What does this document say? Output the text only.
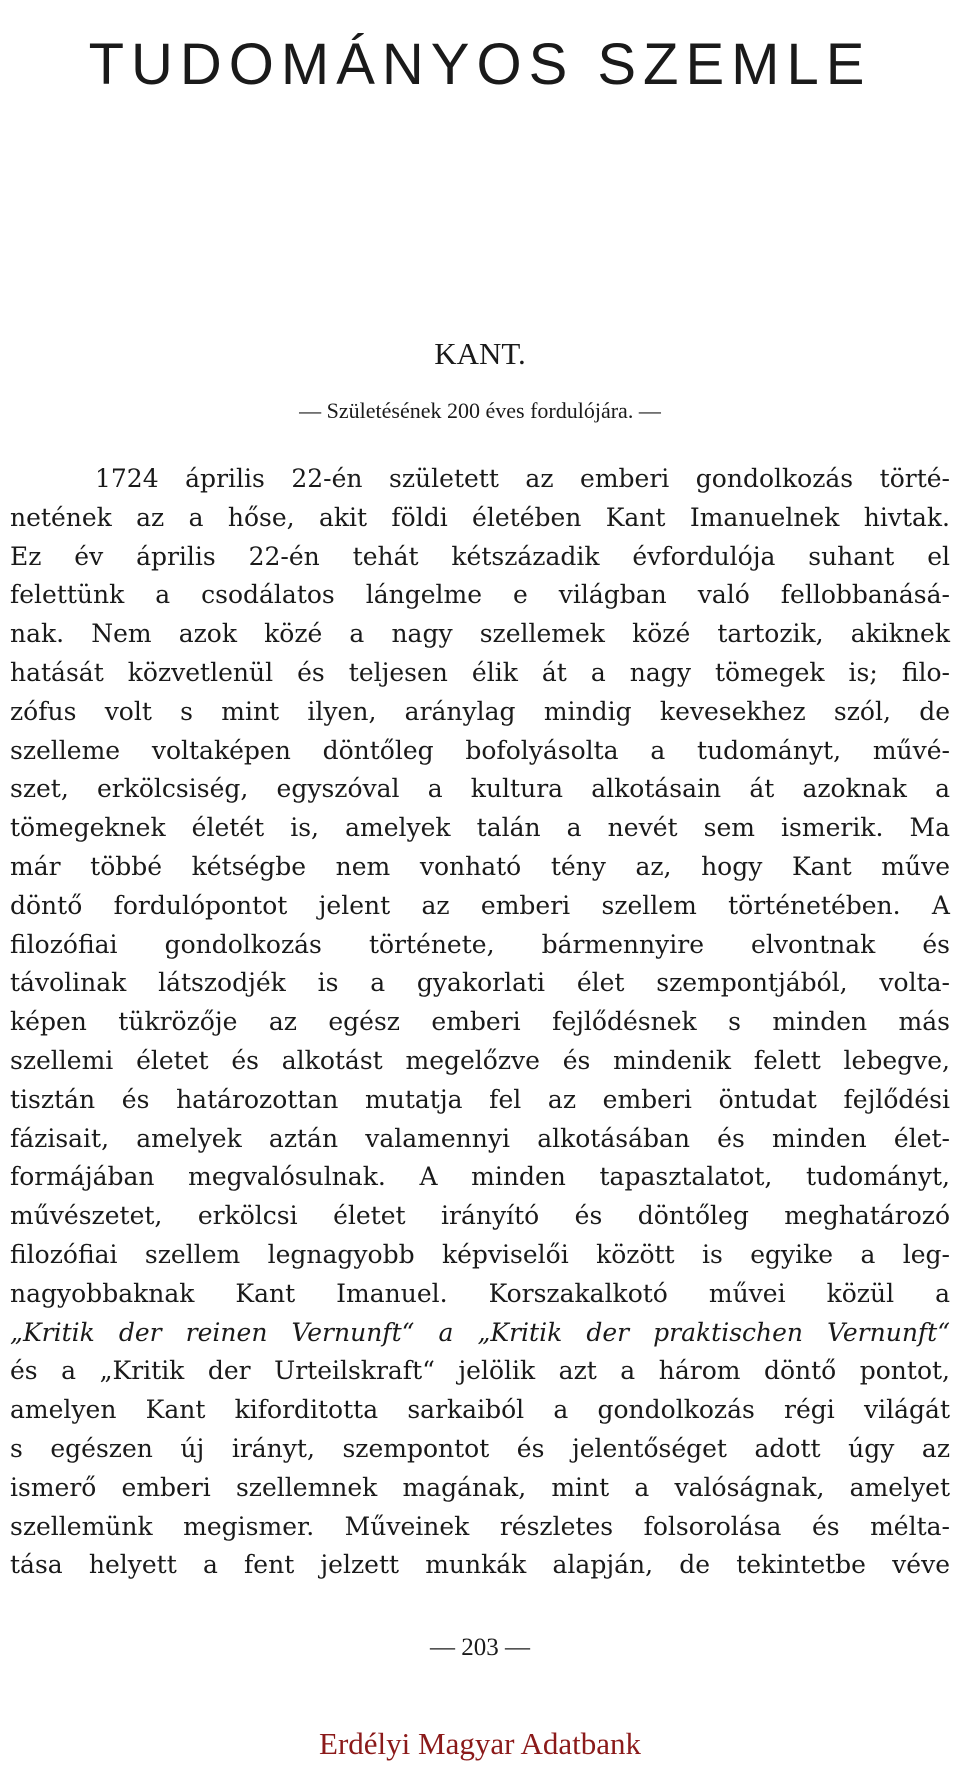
TUDOMÁNYOS SZEMLE
KANT.

— Születésének 200 éves fordulójára. —

1724 április 22-én született az emberi gondolkozás törté-
netének az a hőse, akit földi életében Kant Imanuelnek hivtak.
Ez év április 22-én tehát kétszázadik évfordulója suhant el
felettünk a csodálatos lángelme e világban való fellobbanásá-
nak. Nem azok közé a nagy szellemek közé tartozik, akiknek
hatását közvetlenül és teljesen élik át a nagy tömegek is; filo-
zófus volt s mint ilyen, aránylag mindig kevesekhez szól, de
szelleme voltaképen döntőleg bofolyásolta a tudományt, művé-
szet, erkölcsiség, egyszóval a kultura alkotásain át azoknak a
tömegeknek életét is, amelyek talán a nevét sem ismerik. Ma
már többé kétségbe nem vonható tény az, hogy Kant műve
döntő fordulópontot jelent az emberi szellem történetében. A
filozófiai gondolkozás története, bármennyire elvontnak és
távolinak látszodjék is a gyakorlati élet szempontjából, volta-
képen tükrözője az egész emberi fejlődésnek s minden más
szellemi életet és alkotást megelőzve és mindenik felett lebegve,
tisztán és határozottan mutatja fel az emberi öntudat fejlődési
fázisait, amelyek aztán valamennyi alkotásában és minden élet-
formájában megvalósulnak. A minden tapasztalatot, tudományt,
művészetet, erkölcsi életet irányító és döntőleg meghatározó
filozófiai szellem legnagyobb képviselői között is egyike a leg-
nagyobbaknak Kant Imanuel. Korszakalkotó művei közül a
„Kritik der reinen Vernunft“ a „Kritik der praktischen Vernunft“
és a „Kritik der Urteilskraft“ jelölik azt a három döntő pontot,
amelyen Kant kiforditotta sarkaiból a gondolkozás régi világát
s egészen új irányt, szempontot és jelentőséget adott úgy az
ismerő emberi szellemnek magának, mint a valóságnak, amelyet
szellemünk megismer. Műveinek részletes folsorolása és méltа-
tása helyett a fent jelzett munkák alapján, de tekintetbe véve

— 203 —

Erdélyi Magyar Adatbank
